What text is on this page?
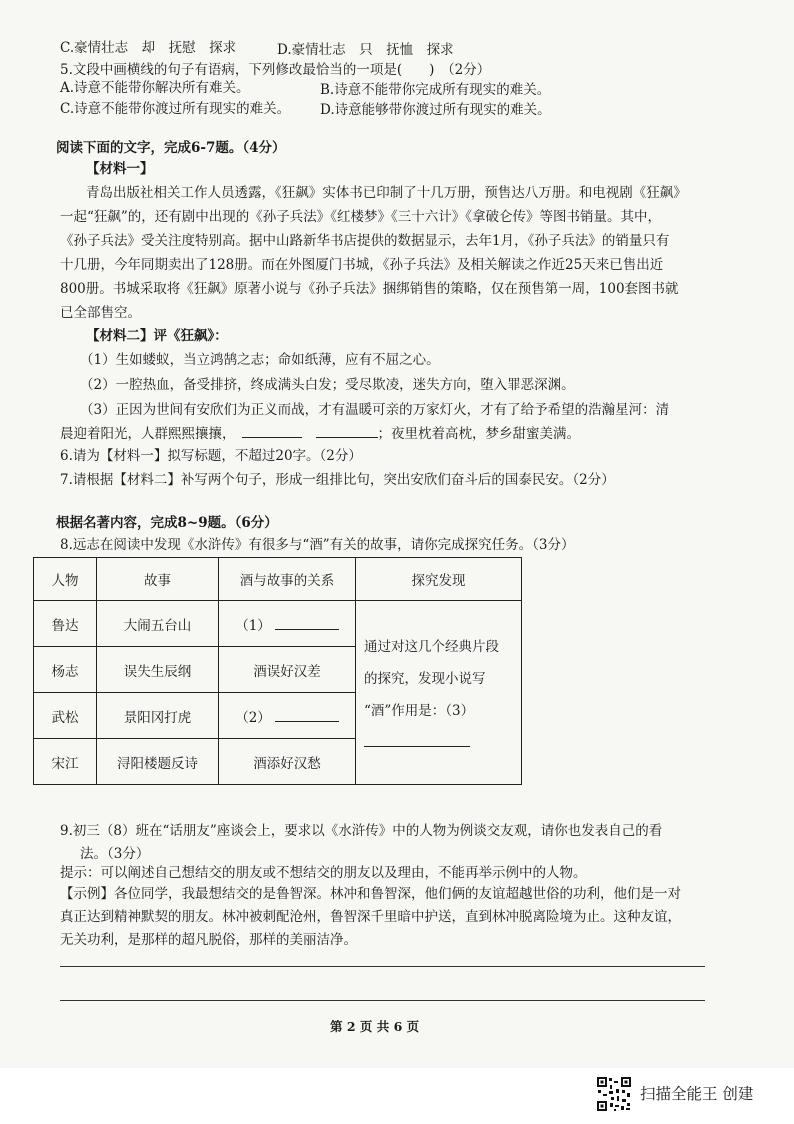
C.豪情壮志　却　抚慰　探求	D.豪情壮志　只　抚恤　探求
5.文段中画横线的句子有语病，下列修改最恰当的一项是(　　)　（2分）
A.诗意不能带你解决所有难关。	B.诗意不能带你完成所有现实的难关。
C.诗意不能带你渡过所有现实的难关。 D.诗意能够带你渡过所有现实的难关。
阅读下面的文字，完成6-7题。（4分）
【材料一】
青岛出版社相关工作人员透露，《狂飙》实体书已印制了十几万册，预售达八万册。和电视剧《狂飙》
一起“狂飙”的，还有剧中出现的《孙子兵法》《红楼梦》《三十六计》《拿破仑传》等图书销量。其中，
《孙子兵法》受关注度特别高。据中山路新华书店提供的数据显示，去年1月，《孙子兵法》的销量只有
十几册，今年同期卖出了128册。而在外图厦门书城，《孙子兵法》及相关解读之作近25天来已售出近
800册。书城采取将《狂飙》原著小说与《孙子兵法》捆绑销售的策略，仅在预售第一周，100套图书就
已全部售空。
【材料二】评《狂飙》：
（1）生如蝼蚁，当立鸿鹄之志；命如纸薄，应有不屈之心。
（2）一腔热血，备受排挤，终成满头白发；受尽欺凌，迷失方向，堕入罪恶深渊。
（3）正因为世间有安欣们为正义而战，才有温暖可亲的万家灯火，才有了给予希望的浩瀚星河：清
晨迎着阳光，人群熙熙攘攘，	；夜里枕着高枕，梦乡甜蜜美满。
6.请为【材料一】拟写标题，不超过20字。（2分）
7.请根据【材料二】补写两个句子，形成一组排比句，突出安欣们奋斗后的国泰民安。（2分）
根据名著内容，完成8~9题。（6分）
8.远志在阅读中发现《水浒传》有很多与“酒”有关的故事，请你完成探究任务。（3分）
人物	故事	酒与故事的关系	探究发现
鲁达	大闹五台山	（1）	通过对这几个经典片段
的探究，发现小说写
“酒”作用是：（3）

杨志	误失生辰纲	酒误好汉差	
武松	景阳冈打虎	（2）	
宋江	浔阳楼题反诗	酒添好汉愁	
9.初三（8）班在“话朋友”座谈会上，要求以《水浒传》中的人物为例谈交友观，请你也发表自己的看
法。（3分）
提示：可以阐述自己想结交的朋友或不想结交的朋友以及理由，不能再举示例中的人物。
【示例】各位同学，我最想结交的是鲁智深。林冲和鲁智深，他们俩的友谊超越世俗的功利，他们是一对
真正达到精神默契的朋友。林冲被刺配沧州，鲁智深千里暗中护送，直到林冲脱离险境为止。这种友谊，
无关功利，是那样的超凡脱俗，那样的美丽洁净。
第 2 页 共 6 页
扫描全能王 创建
